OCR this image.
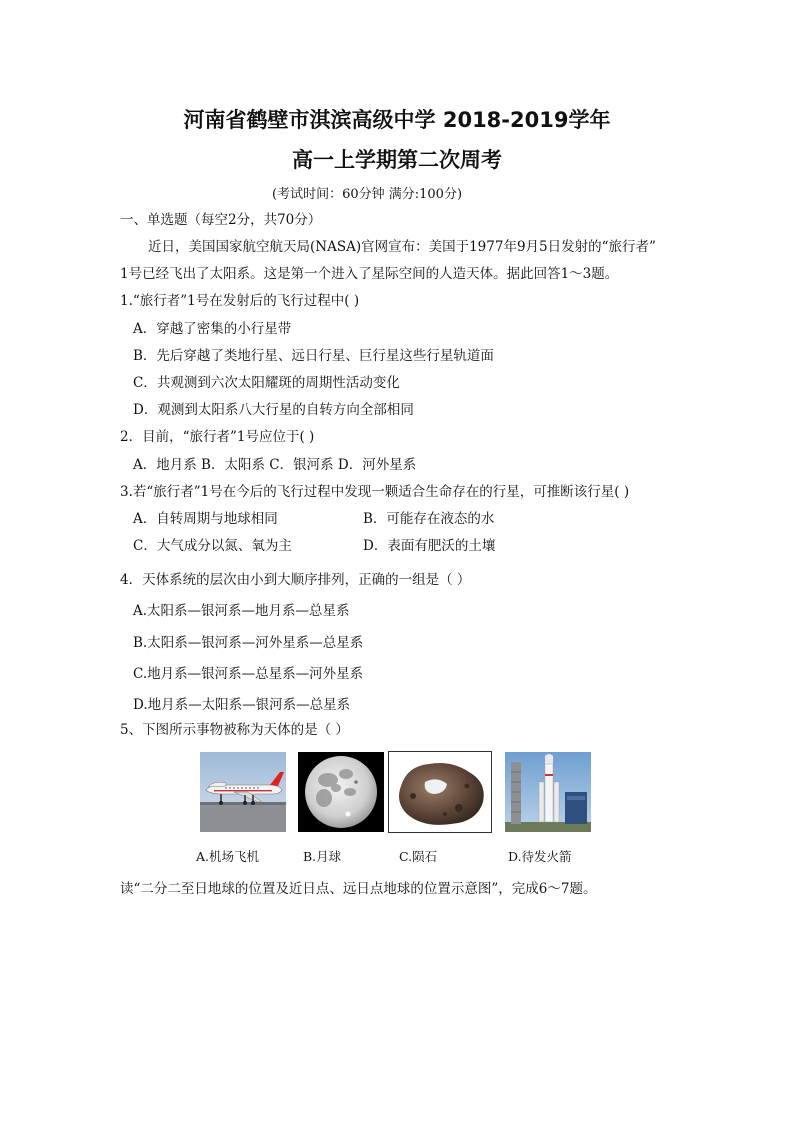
河南省鹤壁市淇滨高级中学 2018-2019学年
高一上学期第二次周考
(考试时间：60分钟 满分:100分)
一、单选题（每空2分，共70分）
近日，美国国家航空航天局(NASA)官网宣布：美国于1977年9月5日发射的“旅行者”
1号已经飞出了太阳系。这是第一个进入了星际空间的人造天体。据此回答1～3题。
1.“旅行者”1号在发射后的飞行过程中( )
A．穿越了密集的小行星带
B．先后穿越了类地行星、远日行星、巨行星这些行星轨道面
C．共观测到六次太阳耀斑的周期性活动变化
D．观测到太阳系八大行星的自转方向全部相同
2．目前，“旅行者”1号应位于( )
A．地月系 B．太阳系 C．银河系 D．河外星系
3.若“旅行者”1号在今后的飞行过程中发现一颗适合生命存在的行星，可推断该行星( )
A．自转周期与地球相同	B．可能存在液态的水
C．大气成分以氮、氧为主	D．表面有肥沃的土壤
4．天体系统的层次由小到大顺序排列，正确的一组是（ ）
A.太阳系—银河系—地月系—总星系
B.太阳系—银河系—河外星系—总星系
C.地月系—银河系—总星系—河外星系
D.地月系—太阳系—银河系—总星系
5、下图所示事物被称为天体的是（ ）
A.机场飞机	B.月球	C.陨石	D.待发火箭
读“二分二至日地球的位置及近日点、远日点地球的位置示意图”，完成6～7题。
